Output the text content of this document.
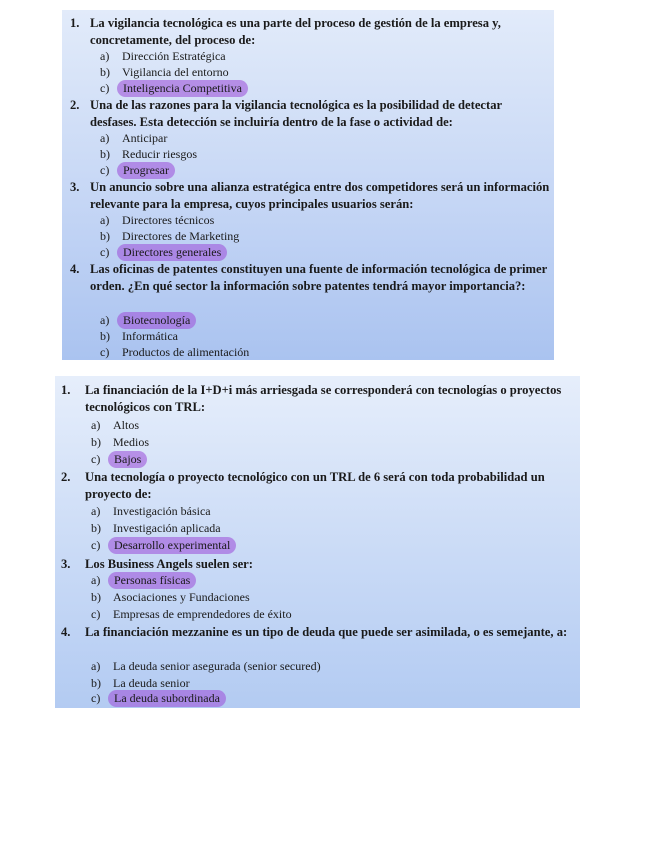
1. La vigilancia tecnológica es una parte del proceso de gestión de la empresa y, concretamente, del proceso de:
a) Dirección Estratégica
b) Vigilancia del entorno
c) Inteligencia Competitiva
2. Una de las razones para la vigilancia tecnológica es la posibilidad de detectar desfases. Esta detección se incluiría dentro de la fase o actividad de:
a) Anticipar
b) Reducir riesgos
c) Progresar
3. Un anuncio sobre una alianza estratégica entre dos competidores será un información relevante para la empresa, cuyos principales usuarios serán:
a) Directores técnicos
b) Directores de Marketing
c) Directores generales
4. Las oficinas de patentes constituyen una fuente de información tecnológica de primer orden. ¿En qué sector la información sobre patentes tendrá mayor importancia?:
a) Biotecnología
b) Informática
c) Productos de alimentación
1. La financiación de la I+D+i más arriesgada se corresponderá con tecnologías o proyectos tecnológicos con TRL:
a) Altos
b) Medios
c) Bajos
2. Una tecnología o proyecto tecnológico con un TRL de 6 será con toda probabilidad un proyecto de:
a) Investigación básica
b) Investigación aplicada
c) Desarrollo experimental
3. Los Business Angels suelen ser:
a) Personas físicas
b) Asociaciones y Fundaciones
c) Empresas de emprendedores de éxito
4. La financiación mezzanine es un tipo de deuda que puede ser asimilada, o es semejante, a:
a) La deuda senior asegurada (senior secured)
b) La deuda senior
c) La deuda subordinada
